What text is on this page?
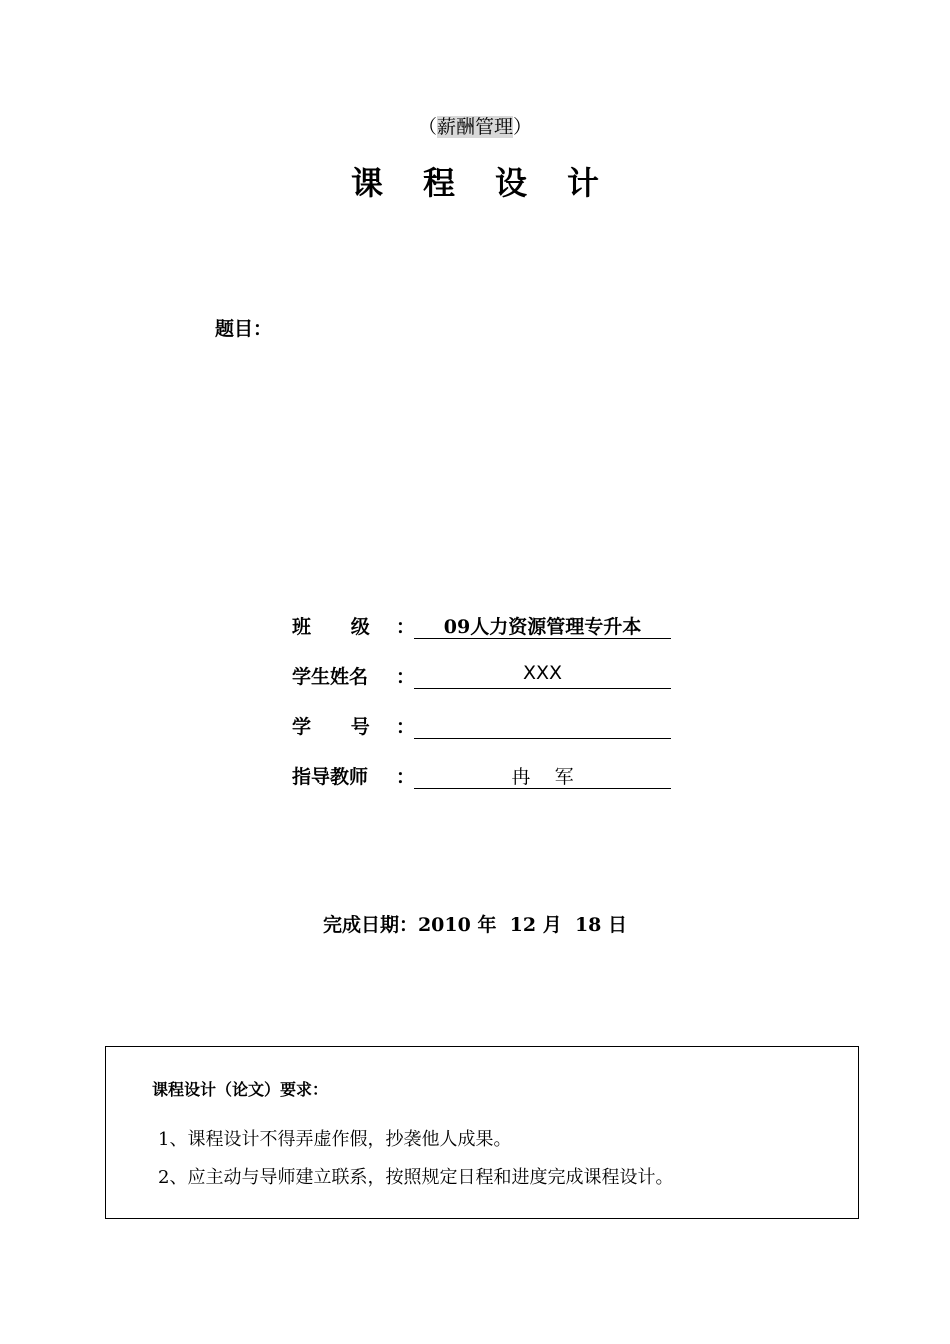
（薪酬管理）
课程设计
题目：
班      级 ：	09人力资源管理专升本
学生姓名 ：	XXX
学      号 ：
指导教师 ：	冉    军
完成日期：2010 年  12 月  18 日
课程设计（论文）要求：
1、课程设计不得弄虚作假，抄袭他人成果。
2、应主动与导师建立联系，按照规定日程和进度完成课程设计。
